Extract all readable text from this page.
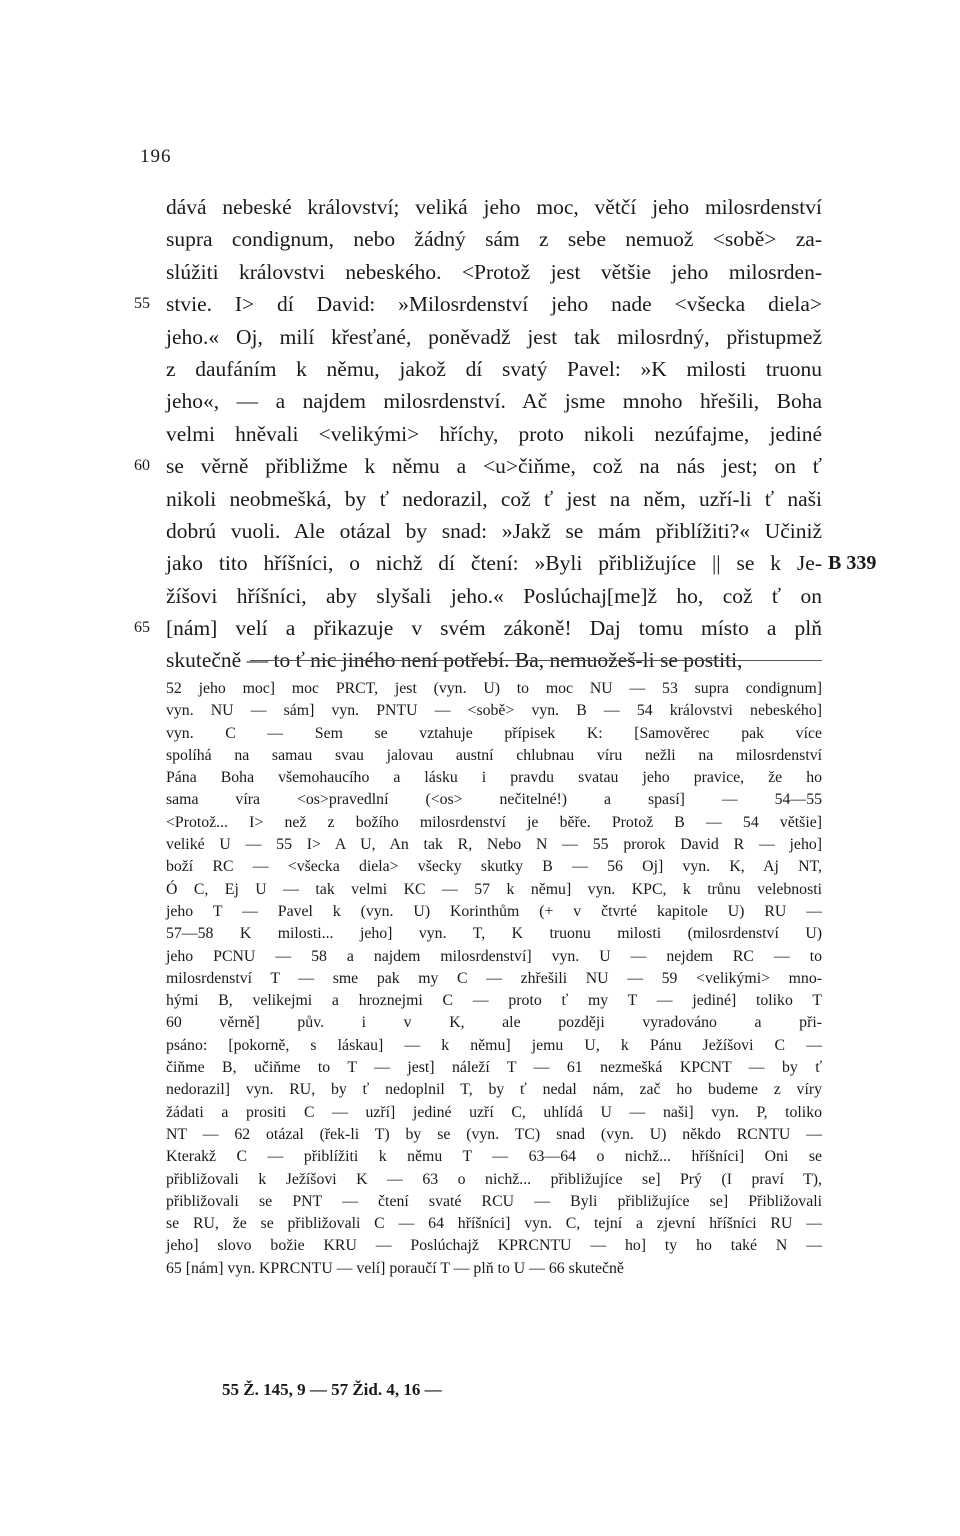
196
dává nebeské království; veliká jeho moc, větčí jeho milosrdenství
supra condignum, nebo žádný sám z sebe nemuož <sobě> za-
slúžiti královstvi nebeského. <Protož jest většie jeho milosrden-
55 stvie. I> dí David: »Milosrdenství jeho nade <všecka diela>
jeho.« Oj, milí křesťané, poněvadž jest tak milosrdný, přistupmež
z daufáním k němu, jakož dí svatý Pavel: »K milosti truonu
jeho«, — a najdem milosrdenství. Ač jsme mnoho hřešili, Boha
velmi hněvali <velikými> hříchy, proto nikoli nezúfajme, jediné
60 se věrně přibližme k němu a <u>čiňme, což na nás jest; on ť
nikoli neobmešká, by ť nedorazil, což ť jest na něm, uzří-li ť naši
dobrú vuoli. Ale otázal by snad: »Jakž se mám přiblížiti?« Učiniž
jako tito hříšníci, o nichž dí čtení: »Byli přibližujíce || se k Je- B 339
žíšovi hříšníci, aby slyšali jeho.« Poslúchaj[me]ž ho, což ť on
65 [nám] velí a přikazuje v svém zákoně! Daj tomu místo a plň
skutečně — to ť nic jiného není potřebí. Ba, nemuožeš-li se postiti,
52 jeho moc] moc PRCT, jest (vyn. U) to moc NU — 53 supra condignum]
vyn. NU — sám] vyn. PNTU — <sobě> vyn. B — 54 královstvi nebeského]
vyn. C — Sem se vztahuje přípisek K: [Samověrec pak více
spolíhá na samau svau jalovau austní chlubnau víru nežli na milosrdenství
Pána Boha všemohaucího a lásku i pravdu svatau jeho pravice, že ho
sama víra <os>pravedlní (<os> nečitelné!) a spasí] — 54—55
<Protož... I> než z božího milosrdenství je běře. Protož B — 54 většie]
veliké U — 55 I> A U, An tak R, Nebo N — 55 prorok David R — jeho]
boží RC — <všecka diela> všecky skutky B — 56 Oj] vyn. K, Aj NT,
Ó C, Ej U — tak velmi KC — 57 k němu] vyn. KPC, k trůnu velebnosti
jeho T — Pavel k (vyn. U) Korinthům (+ v čtvrté kapitole U) RU —
57—58 K milosti... jeho] vyn. T, K truonu milosti (milosrdenství U)
jeho PCNU — 58 a najdem milosrdenství] vyn. U — nejdem RC — to
milosrdenství T — sme pak my C — zhřešili NU — 59 <velikými> mno-
hými B, velikejmi a hroznejmi C — proto ť my T — jediné] toliko T
60 věrně] pův. i v K, ale později vyradováno a při-
psáno: [pokorně, s láskau] — k němu] jemu U, k Pánu Ježíšovi C —
čiňme B, učiňme to T — jest] náleží T — 61 nezmešká KPCNT — by ť
nedorazil] vyn. RU, by ť nedoplnil T, by ť nedal nám, zač ho budeme z víry
žádati a prositi C — uzří] jediné uzří C, uhlídá U — naši] vyn. P, toliko
NT — 62 otázal (řek-li T) by se (vyn. TC) snad (vyn. U) někdo RCNTU —
Kterakž C — přiblížiti k němu T — 63—64 o nichž... hříšníci] Oni se
přibližovali k Ježíšovi K — 63 o nichž... přibližujíce se] Prý (I praví T),
přibližovali se PNT — čtení svaté RCU — Byli přibližujíce se] Přibližovali
se RU, že se přibližovali C — 64 hříšníci] vyn. C, tejní a zjevní hříšníci RU —
jeho] slovo božie KRU — Poslúchajž KPRCNTU — ho] ty ho také N —
65 [nám] vyn. KPRCNTU — velí] poraučí T — plň to U — 66 skutečně
55 Ž. 145, 9 — 57 Žid. 4, 16 —
